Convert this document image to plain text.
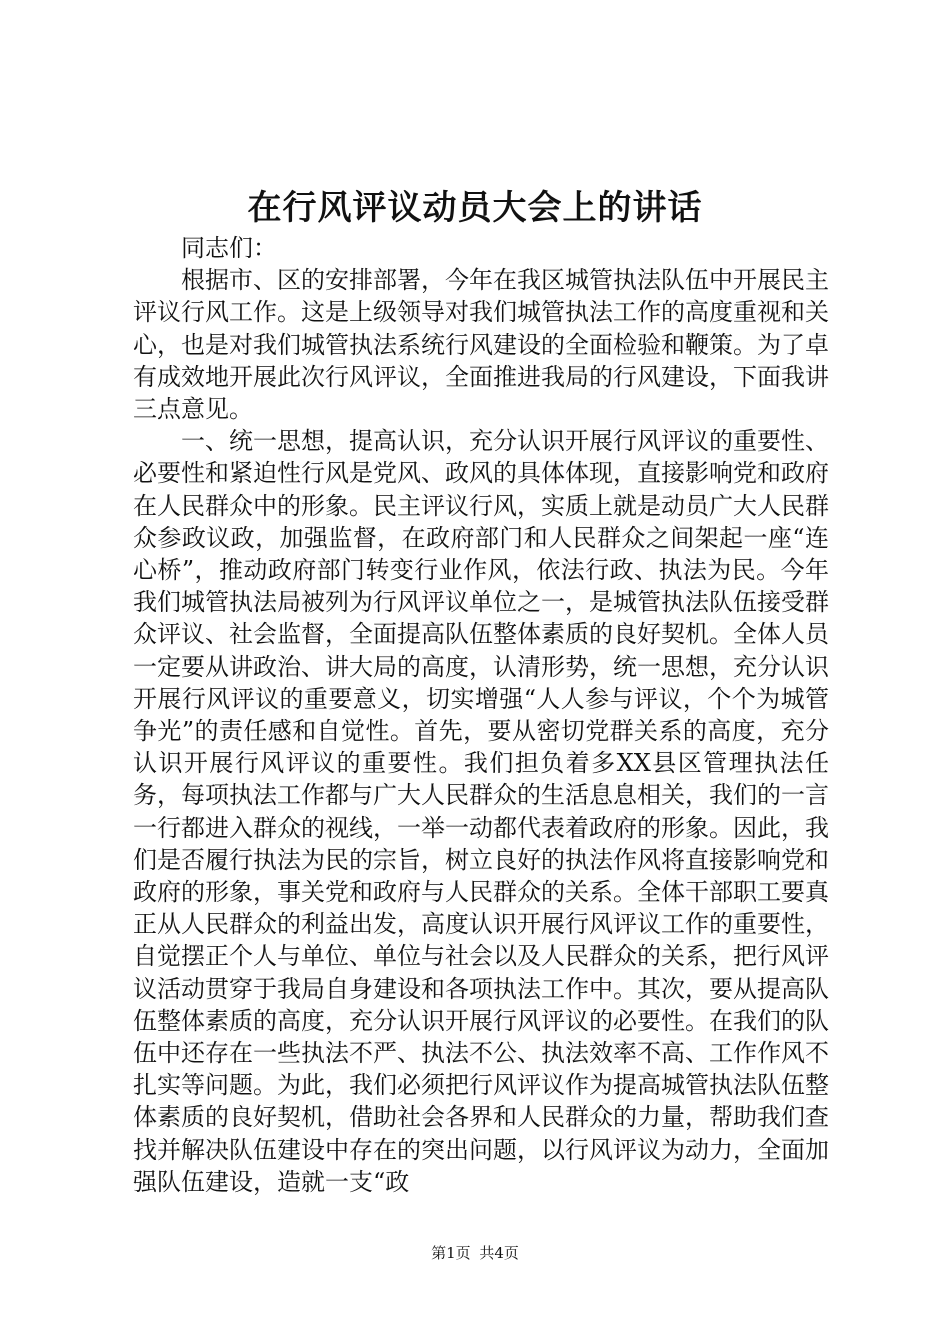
在行风评议动员大会上的讲话

同志们：

根据市、区的安排部署，今年在我区城管执法队伍中开展民主评议行风工作。这是上级领导对我们城管执法工作的高度重视和关心，也是对我们城管执法系统行风建设的全面检验和鞭策。为了卓有成效地开展此次行风评议，全面推进我局的行风建设，下面我讲三点意见。

一、统一思想，提高认识，充分认识开展行风评议的重要性、必要性和紧迫性行风是党风、政风的具体体现，直接影响党和政府在人民群众中的形象。民主评议行风，实质上就是动员广大人民群众参政议政，加强监督，在政府部门和人民群众之间架起一座“连心桥”，推动政府部门转变行业作风，依法行政、执法为民。今年我们城管执法局被列为行风评议单位之一，是城管执法队伍接受群众评议、社会监督，全面提高队伍整体素质的良好契机。全体人员一定要从讲政治、讲大局的高度，认清形势，统一思想，充分认识开展行风评议的重要意义，切实增强“人人参与评议，个个为城管争光”的责任感和自觉性。首先，要从密切党群关系的高度，充分认识开展行风评议的重要性。我们担负着多XX县区管理执法任务，每项执法工作都与广大人民群众的生活息息相关，我们的一言一行都进入群众的视线，一举一动都代表着政府的形象。因此，我们是否履行执法为民的宗旨，树立良好的执法作风将直接影响党和政府的形象，事关党和政府与人民群众的关系。全体干部职工要真正从人民群众的利益出发，高度认识开展行风评议工作的重要性，自觉摆正个人与单位、单位与社会以及人民群众的关系，把行风评议活动贯穿于我局自身建设和各项执法工作中。其次，要从提高队伍整体素质的高度，充分认识开展行风评议的必要性。在我们的队伍中还存在一些执法不严、执法不公、执法效率不高、工作作风不扎实等问题。为此，我们必须把行风评议作为提高城管执法队伍整体素质的良好契机，借助社会各界和人民群众的力量，帮助我们查找并解决队伍建设中存在的突出问题，以行风评议为动力，全面加强队伍建设，造就一支“政

第1页 共4页
